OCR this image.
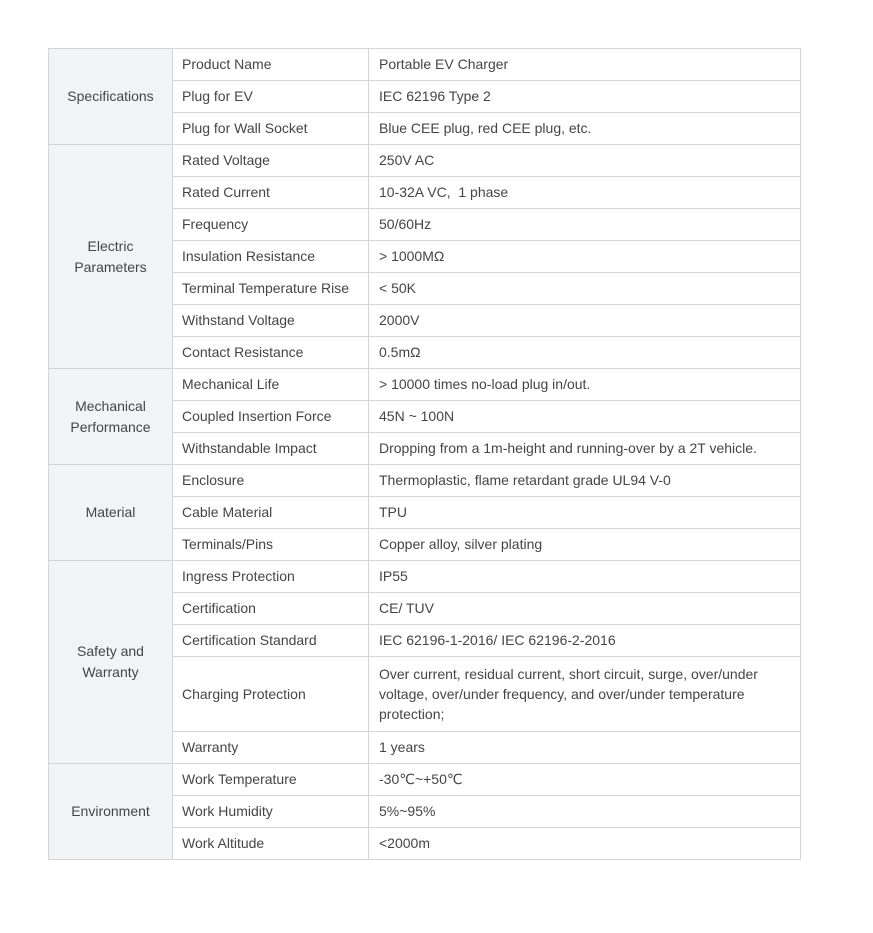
Specifications	Product Name	Portable EV Charger
	Plug for EV	IEC 62196 Type 2
	Plug for Wall Socket	Blue CEE plug, red CEE plug, etc.
Electric Parameters	Rated Voltage	250V AC
	Rated Current	10-32A VC,  1 phase
	Frequency	50/60Hz
	Insulation Resistance	> 1000MΩ
	Terminal Temperature Rise	< 50K
	Withstand Voltage	2000V
	Contact Resistance	0.5mΩ
Mechanical Performance	Mechanical Life	> 10000 times no-load plug in/out.
	Coupled Insertion Force	45N ~ 100N
	Withstandable Impact	Dropping from a 1m-height and running-over by a 2T vehicle.
Material	Enclosure	Thermoplastic, flame retardant grade UL94 V-0
	Cable Material	TPU
	Terminals/Pins	Copper alloy, silver plating
Safety and Warranty	Ingress Protection	IP55
	Certification	CE/ TUV
	Certification Standard	IEC 62196-1-2016/ IEC 62196-2-2016
	Charging Protection	Over current, residual current, short circuit, surge, over/under voltage, over/under frequency, and over/under temperature protection;
	Warranty	1 years
Environment	Work Temperature	-30℃~+50℃
	Work Humidity	5%~95%
	Work Altitude	<2000m
